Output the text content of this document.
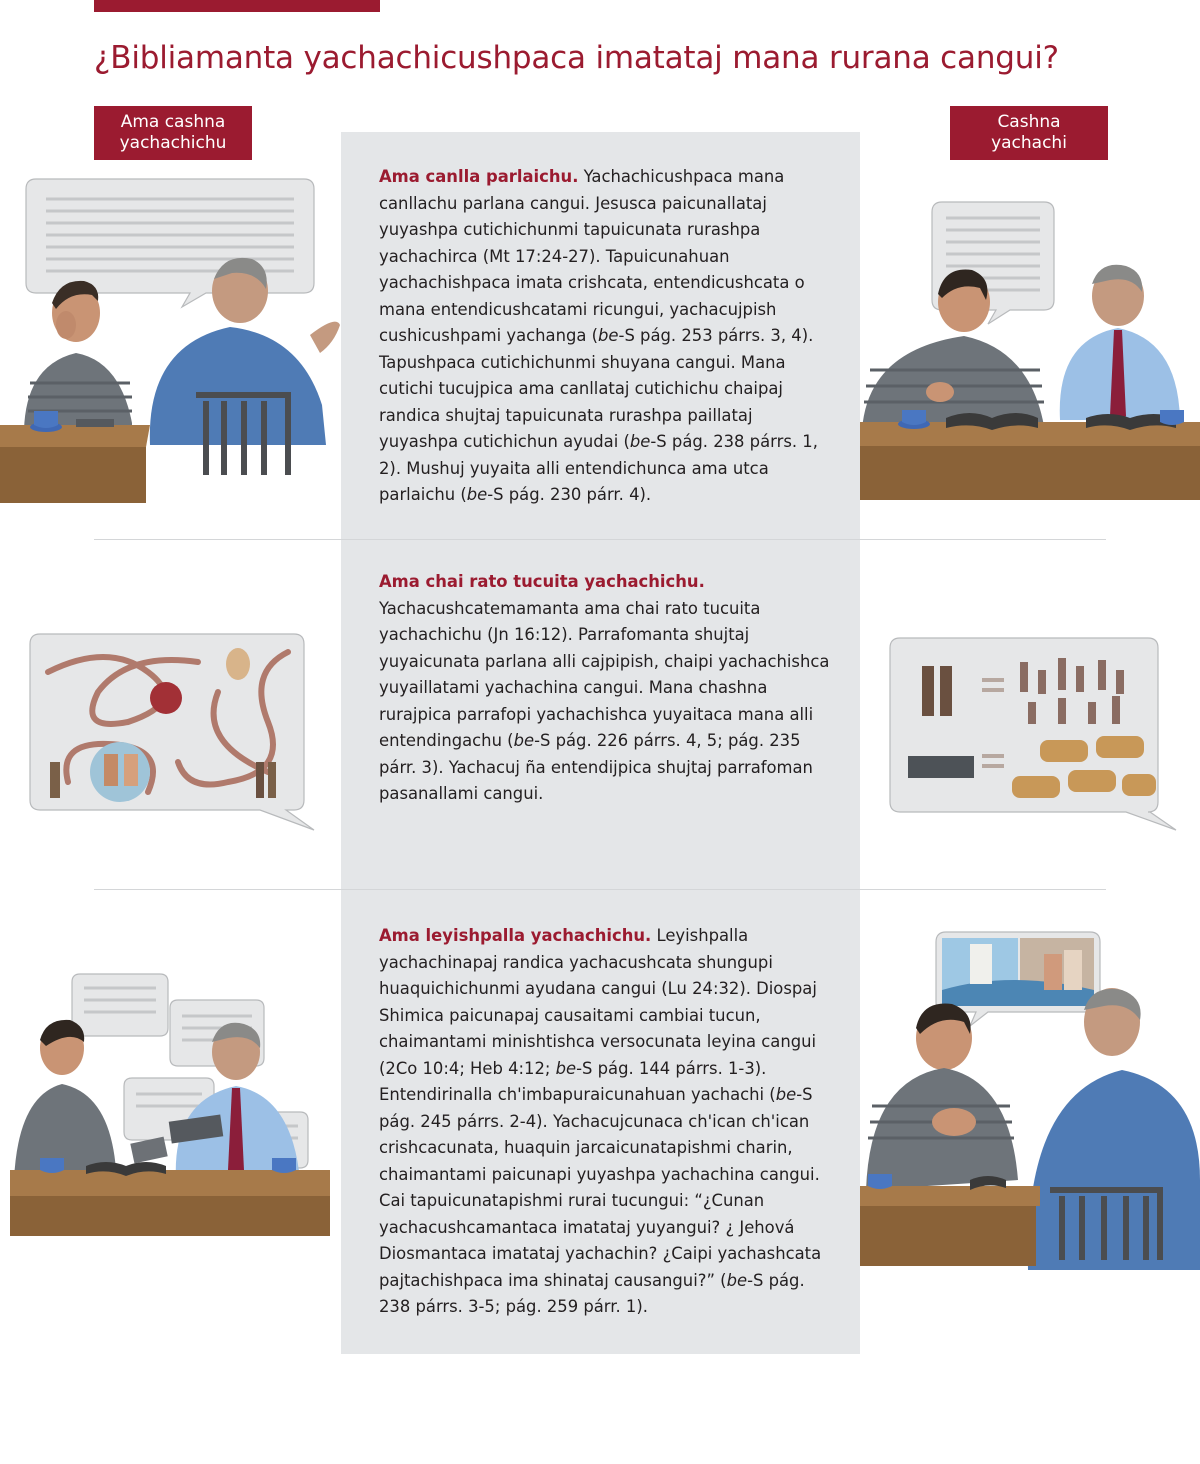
¿Bibliamanta yachachicushpaca imatataj mana rurana cangui?
Ama cashna
yachachichu
Cashna
yachachi

Ama canlla parlaichu. Yachachicushpaca mana canllachu parlana cangui. Jesusca paicunallataj yuyashpa cutichichunmi tapuicunata rurashpa yachachirca (Mt 17:24-27). Tapuicunahuan yachachishpaca imata crishcata, entendicushcata o mana entendicushcatami ricungui, yachacujpish cushicushpami yachanga (be-S pág. 253 párrs. 3, 4). Tapushpaca cutichichunmi shuyana cangui. Mana cutichi tucujpica ama canllataj cutichichu chaipaj randica shujtaj tapuicunata rurashpa paillataj yuyashpa cutichichun ayudai (be-S pág. 238 párrs. 1, 2). Mushuj yuyaita alli entendichunca ama utca parlaichu (be-S pág. 230 párr. 4).

Ama chai rato tucuita yachachichu. Yachacushcatemamanta ama chai rato tucuita yachachichu (Jn 16:12). Parrafomanta shujtaj yuyaicunata parlana alli cajpipish, chaipi yachachishca yuyaillatami yachachina cangui. Mana chashna rurajpica parrafopi yachachishca yuyaitaca mana alli entendingachu (be-S pág. 226 párrs. 4, 5; pág. 235 párr. 3). Yachacuj ña entendijpica shujtaj parrafoman pasanallami cangui.

Ama leyishpalla yachachichu. Leyishpalla yachachinapaj randica yachacushcata shungupi huaquichichunmi ayudana cangui (Lu 24:32). Diospaj Shimica paicunapaj causaitami cambiai tucun, chaimantami minishtishca versocunata leyina cangui (2Co 10:4; Heb 4:12; be-S pág. 144 párrs. 1-3). Entendirinalla ch'imbapuraicunahuan yachachi (be-S pág. 245 párrs. 2-4). Yachacujcunaca ch'ican ch'ican crishcacunata, huaquin jarcaicunatapishmi charin, chaimantami paicunapi yuyashpa yachachina cangui. Cai tapuicunatapishmi rurai tucungui: “¿Cunan yachacushcamantaca imatataj yuyangui? ¿ Jehová Diosmantaca imatataj yachachin? ¿Caipi yachashcata pajtachishpaca ima shinataj causangui?” (be-S pág. 238 párrs. 3-5; pág. 259 párr. 1).
